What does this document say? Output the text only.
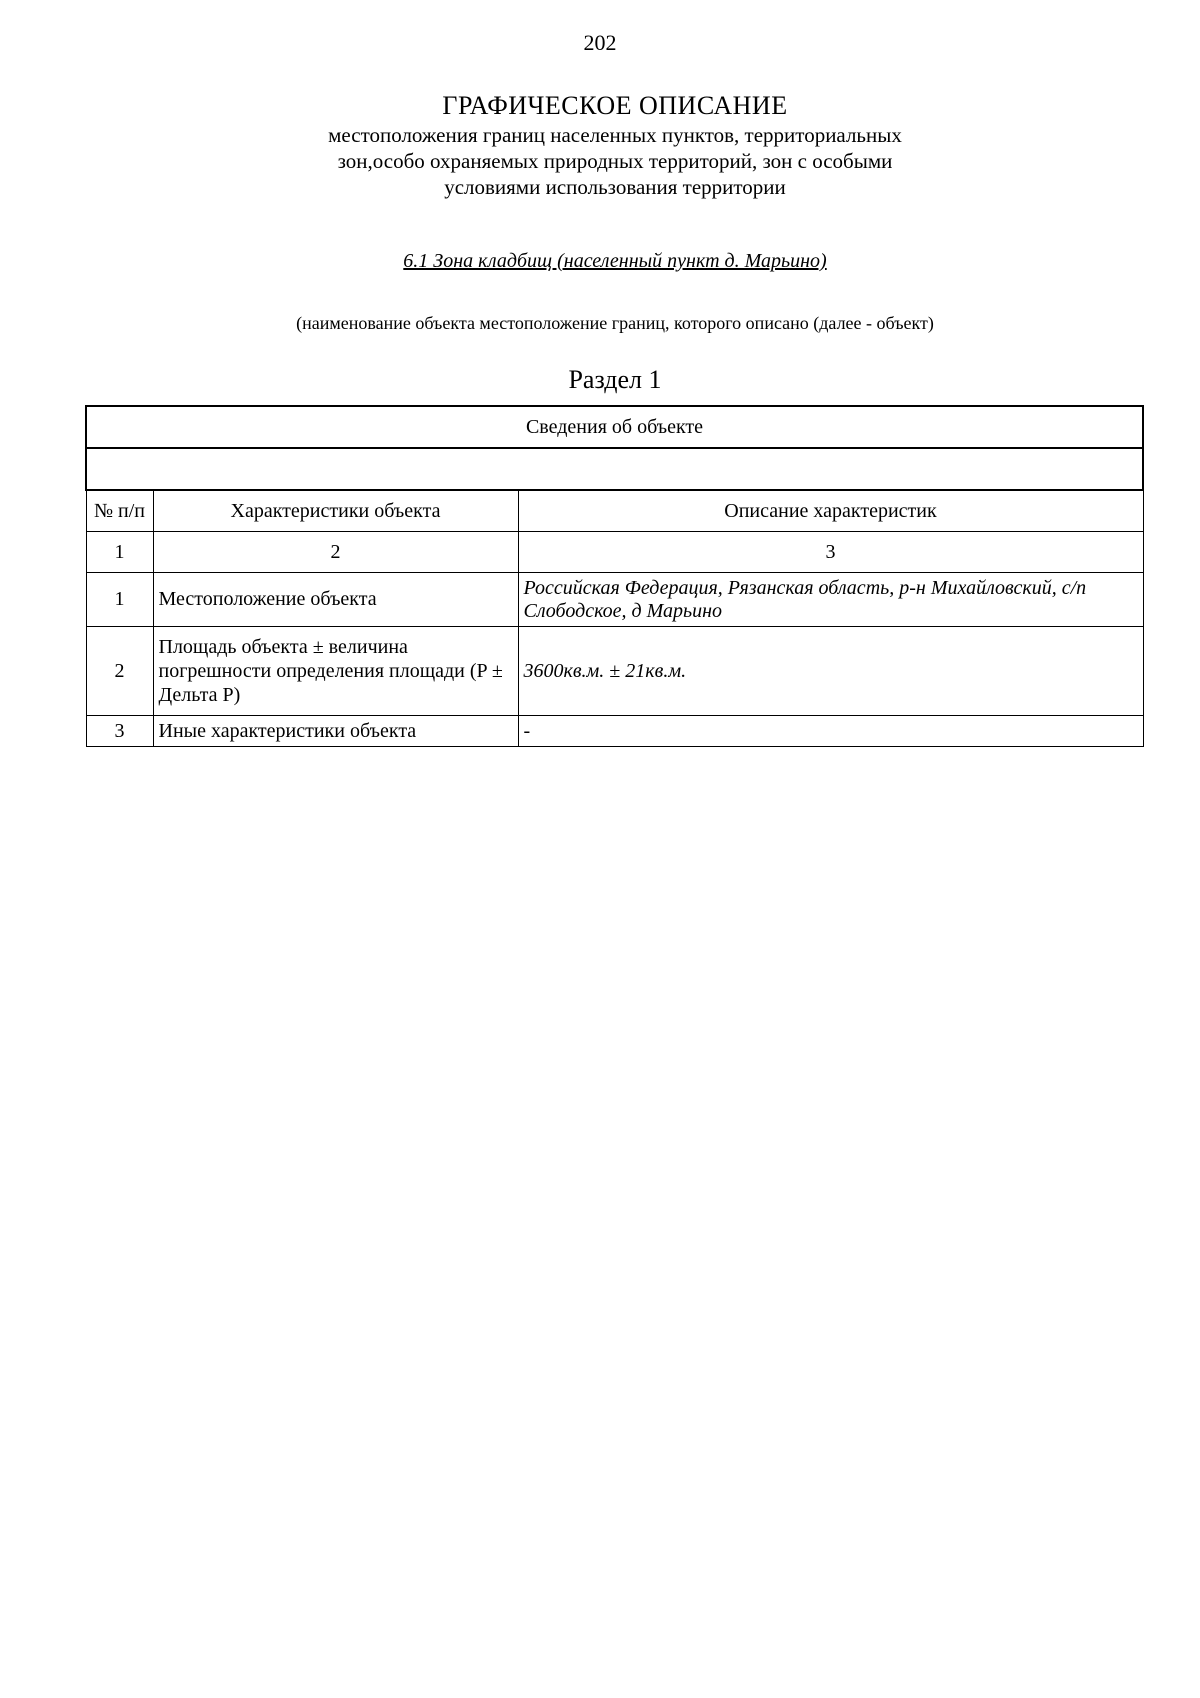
202
ГРАФИЧЕСКОЕ ОПИСАНИЕ
местоположения границ населенных пунктов, территориальных
зон,особо охраняемых природных территорий, зон с особыми
условиями использования территории
6.1 Зона кладбищ (населенный пункт д. Марьино)
(наименование объекта местоположение границ, которого описано (далее - объект)
Раздел 1
Сведения об объекте		

№ п/п	Характеристики объекта	Описание характеристик
1	2	3
1	Местоположение объекта	Российская Федерация, Рязанская область, р-н Михайловский, с/п Слободское, д Марьино
2	Площадь объекта ± величина погрешности определения площади (P ± Дельта P)	3600кв.м. ± 21кв.м.
3	Иные характеристики объекта	-
